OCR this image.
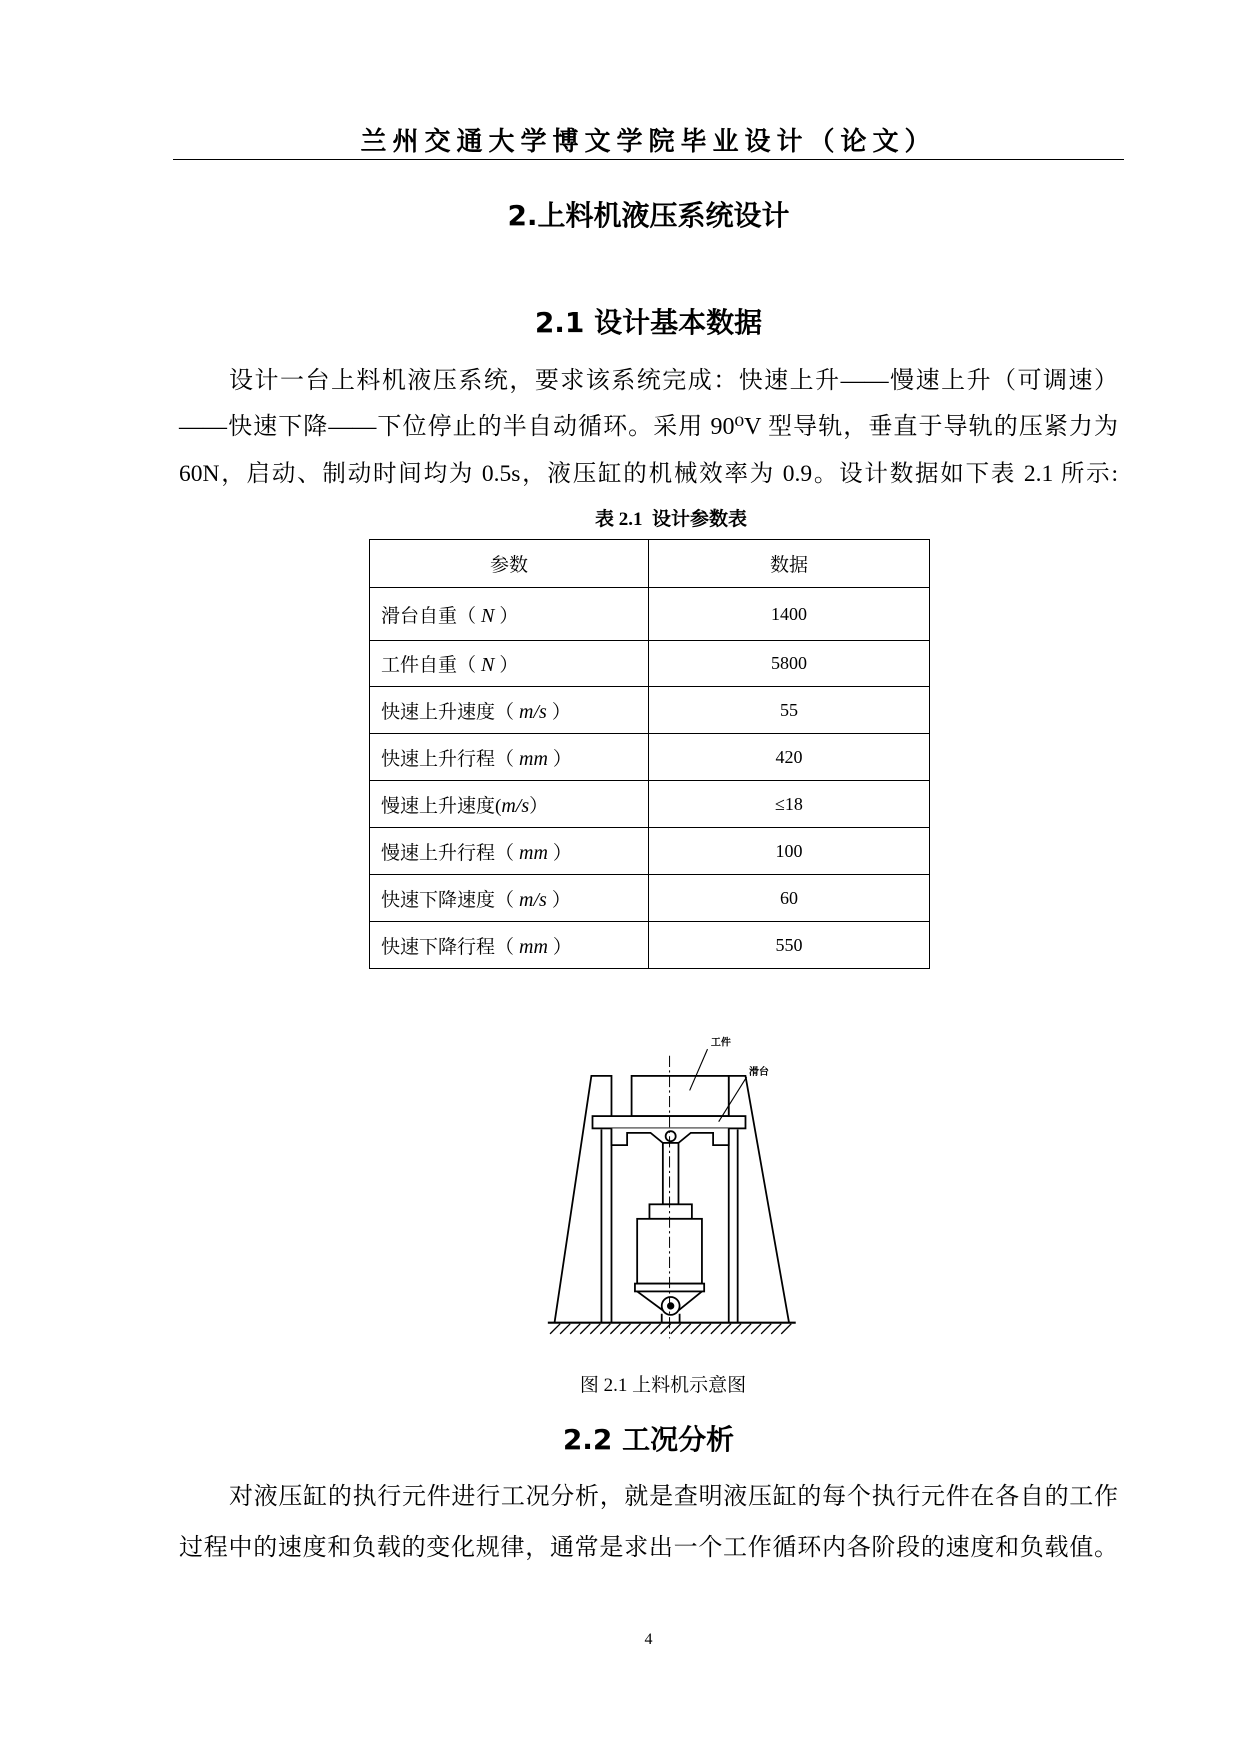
兰州交通大学博文学院毕业设计（论文）
2.上料机液压系统设计
2.1 设计基本数据
设计一台上料机液压系统，要求该系统完成：快速上升——慢速上升（可调速）
——快速下降——下位停止的半自动循环。采用 90⁰V 型导轨，垂直于导轨的压紧力为
60N，启动、制动时间均为 0.5s，液压缸的机械效率为 0.9。设计数据如下表 2.1 所示:
表 2.1  设计参数表
参数	数据
滑台自重（ N ）	1400
工件自重（ N ）	5800
快速上升速度（ m/s ）	55
快速上升行程（ mm ）	420
慢速上升速度(m/s）	≤18
慢速上升行程（ mm ）	100
快速下降速度（ m/s ）	60
快速下降行程（ mm ）	550
工件
滑台
图 2.1 上料机示意图
2.2 工况分析
对液压缸的执行元件进行工况分析，就是查明液压缸的每个执行元件在各自的工作
过程中的速度和负载的变化规律，通常是求出一个工作循环内各阶段的速度和负载值。
4
